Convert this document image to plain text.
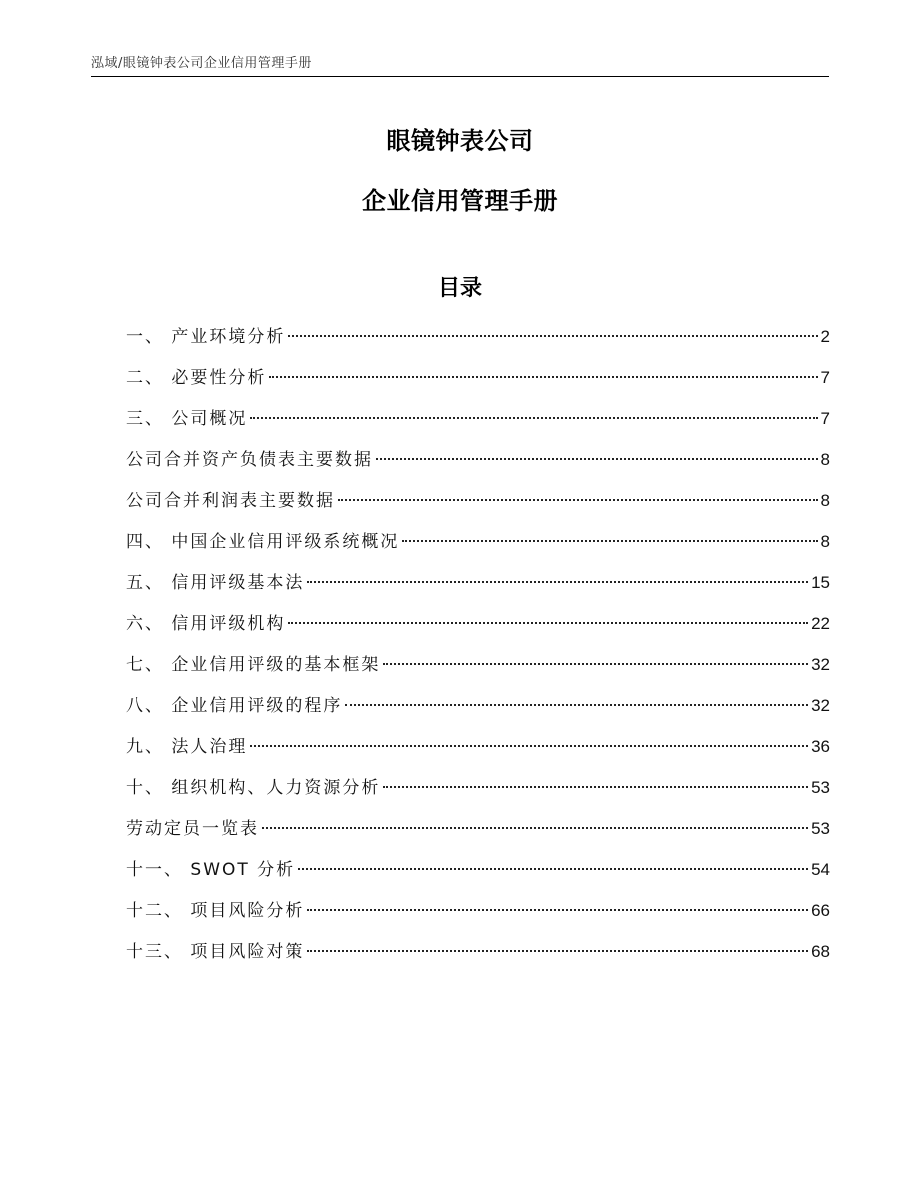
泓域/眼镜钟表公司企业信用管理手册
眼镜钟表公司
企业信用管理手册
目录
一、 产业环境分析	2
二、 必要性分析	7
三、 公司概况	7
公司合并资产负债表主要数据	8
公司合并利润表主要数据	8
四、 中国企业信用评级系统概况	8
五、 信用评级基本法	15
六、 信用评级机构	22
七、 企业信用评级的基本框架	32
八、 企业信用评级的程序	32
九、 法人治理	36
十、 组织机构、人力资源分析	53
劳动定员一览表	53
十一、 SWOT 分析	54
十二、 项目风险分析	66
十三、 项目风险对策	68
